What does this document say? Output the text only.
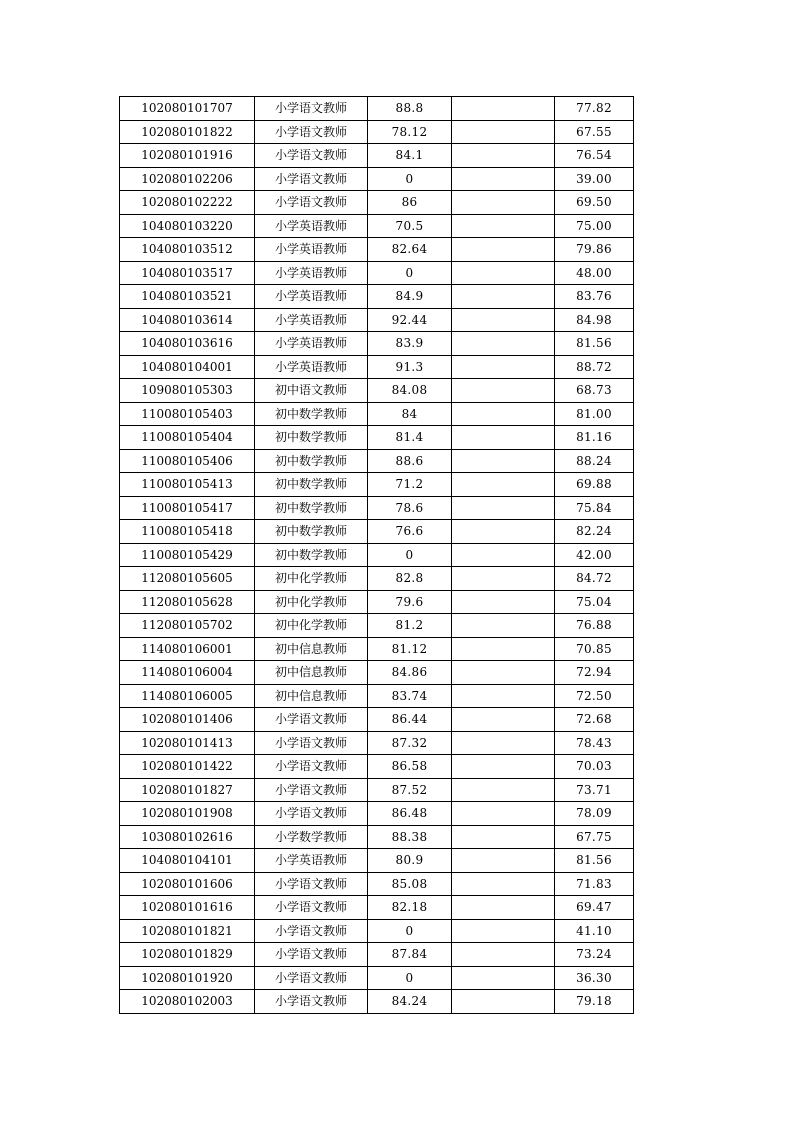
102080101707	小学语文教师	88.8		77.82
102080101822	小学语文教师	78.12		67.55
102080101916	小学语文教师	84.1		76.54
102080102206	小学语文教师	0		39.00
102080102222	小学语文教师	86		69.50
104080103220	小学英语教师	70.5		75.00
104080103512	小学英语教师	82.64		79.86
104080103517	小学英语教师	0		48.00
104080103521	小学英语教师	84.9		83.76
104080103614	小学英语教师	92.44		84.98
104080103616	小学英语教师	83.9		81.56
104080104001	小学英语教师	91.3		88.72
109080105303	初中语文教师	84.08		68.73
110080105403	初中数学教师	84		81.00
110080105404	初中数学教师	81.4		81.16
110080105406	初中数学教师	88.6		88.24
110080105413	初中数学教师	71.2		69.88
110080105417	初中数学教师	78.6		75.84
110080105418	初中数学教师	76.6		82.24
110080105429	初中数学教师	0		42.00
112080105605	初中化学教师	82.8		84.72
112080105628	初中化学教师	79.6		75.04
112080105702	初中化学教师	81.2		76.88
114080106001	初中信息教师	81.12		70.85
114080106004	初中信息教师	84.86		72.94
114080106005	初中信息教师	83.74		72.50
102080101406	小学语文教师	86.44		72.68
102080101413	小学语文教师	87.32		78.43
102080101422	小学语文教师	86.58		70.03
102080101827	小学语文教师	87.52		73.71
102080101908	小学语文教师	86.48		78.09
103080102616	小学数学教师	88.38		67.75
104080104101	小学英语教师	80.9		81.56
102080101606	小学语文教师	85.08		71.83
102080101616	小学语文教师	82.18		69.47
102080101821	小学语文教师	0		41.10
102080101829	小学语文教师	87.84		73.24
102080101920	小学语文教师	0		36.30
102080102003	小学语文教师	84.24		79.18
